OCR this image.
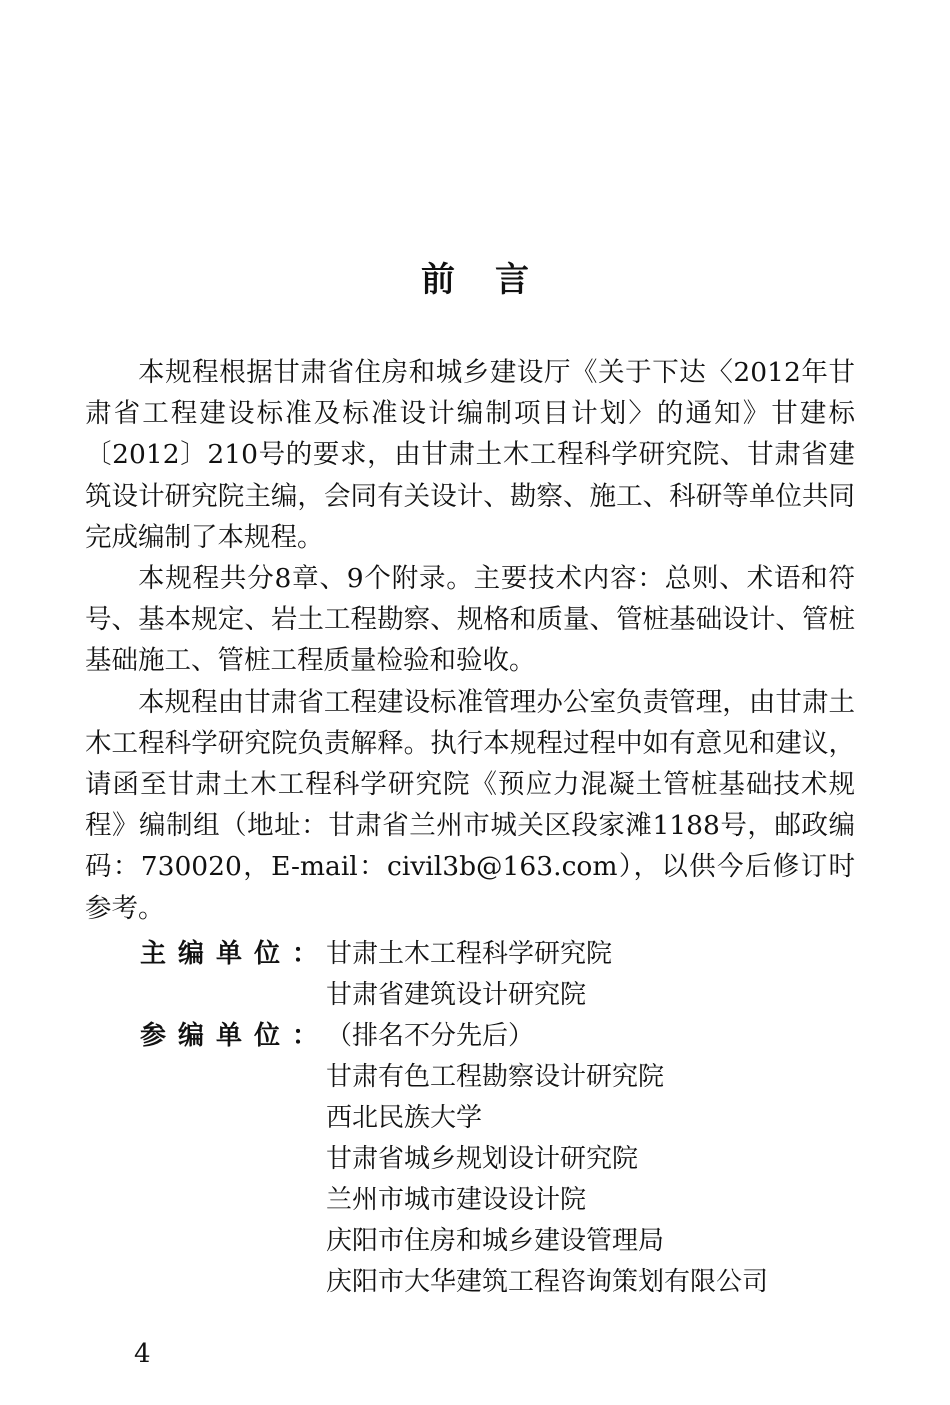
前言

本规程根据甘肃省住房和城乡建设厅《关于下达〈2012年甘肃省工程建设标准及标准设计编制项目计划〉的通知》甘建标〔2012〕210号的要求，由甘肃土木工程科学研究院、甘肃省建筑设计研究院主编，会同有关设计、勘察、施工、科研等单位共同完成编制了本规程。

本规程共分8章、9个附录。主要技术内容：总则、术语和符号、基本规定、岩土工程勘察、规格和质量、管桩基础设计、管桩基础施工、管桩工程质量检验和验收。

本规程由甘肃省工程建设标准管理办公室负责管理，由甘肃土木工程科学研究院负责解释。执行本规程过程中如有意见和建议，请函至甘肃土木工程科学研究院《预应力混凝土管桩基础技术规程》编制组（地址：甘肃省兰州市城关区段家滩1188号，邮政编码：730020，E-mail：civil3b@163.com），以供今后修订时参考。

主编单位：
甘肃土木工程科学研究院
甘肃省建筑设计研究院
参编单位：
（排名不分先后）
甘肃有色工程勘察设计研究院
西北民族大学
甘肃省城乡规划设计研究院
兰州市城市建设设计院
庆阳市住房和城乡建设管理局
庆阳市大华建筑工程咨询策划有限公司
4
